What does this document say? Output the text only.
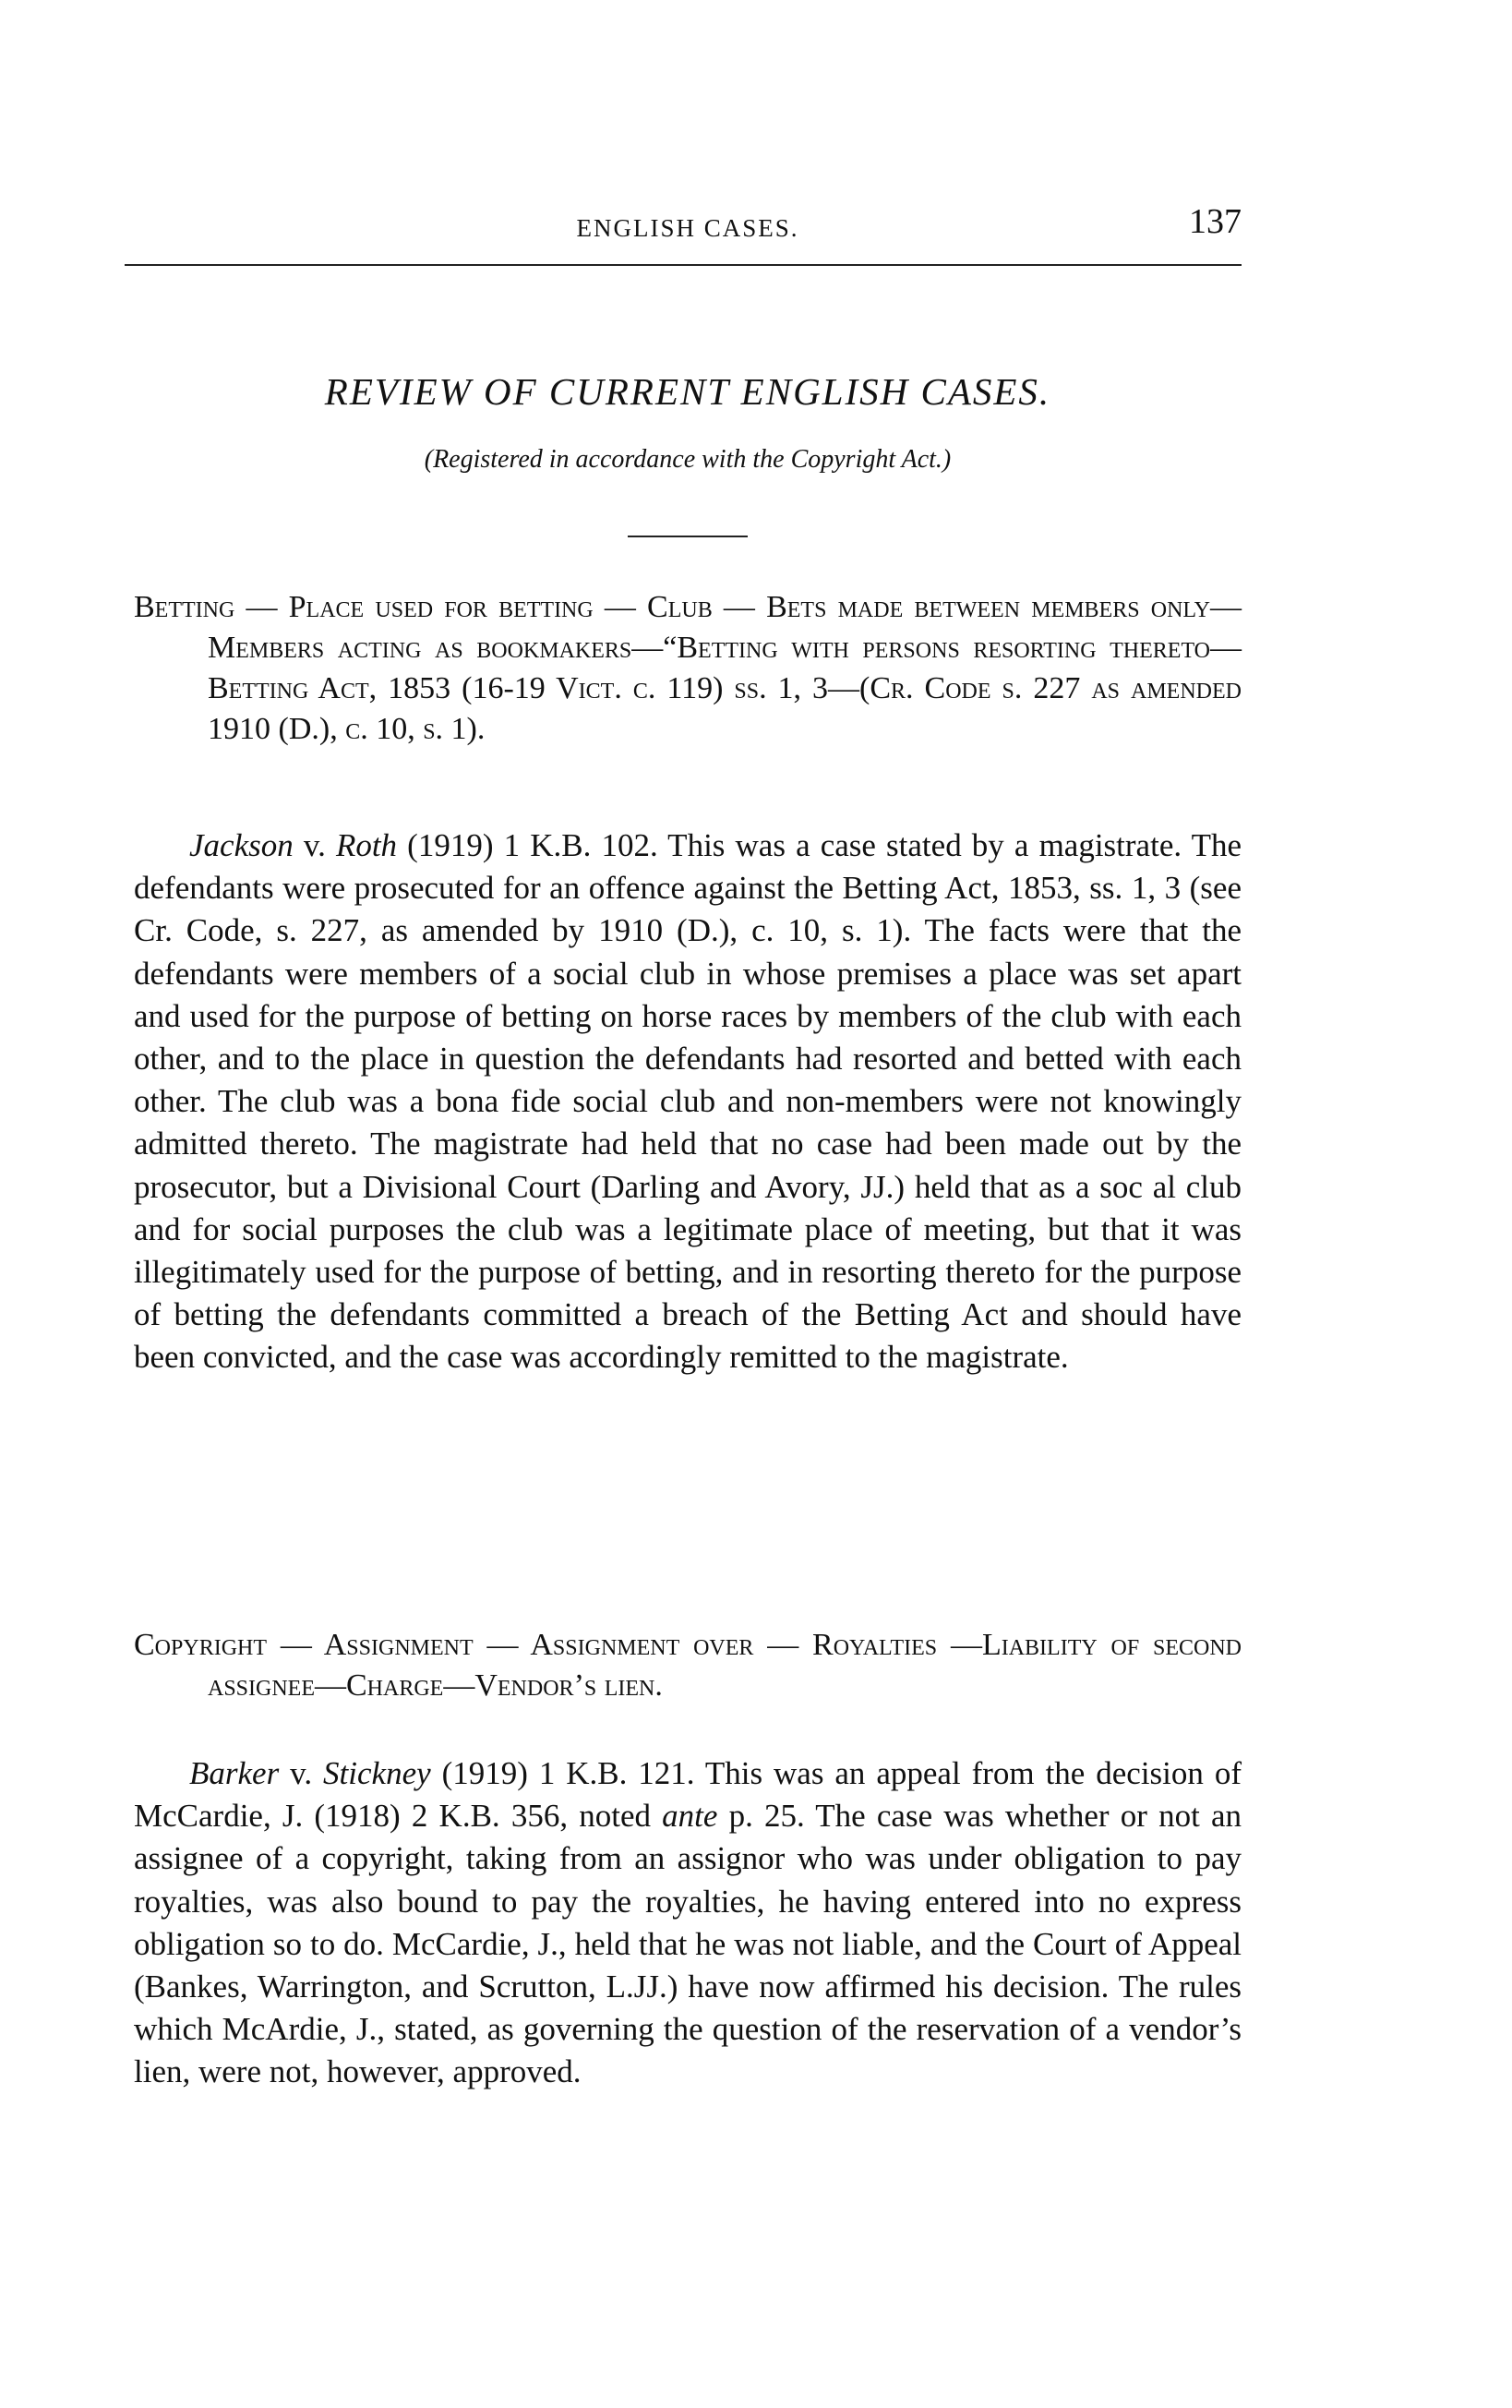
ENGLISH CASES.	137
REVIEW OF CURRENT ENGLISH CASES.
(Registered in accordance with the Copyright Act.)
Betting — Place used for betting — Club — Bets made between members only—Members acting as bookmakers—“Betting with persons resorting thereto— Betting Act, 1853 (16-19 Vict. c. 119) ss. 1, 3—(Cr. Code s. 227 as amended 1910 (D.), c. 10, s. 1).

Jackson v. Roth (1919) 1 K.B. 102. This was a case stated by a magistrate. The defendants were prosecuted for an offence against the Betting Act, 1853, ss. 1, 3 (see Cr. Code, s. 227, as amended by 1910 (D.), c. 10, s. 1). The facts were that the defendants were members of a social club in whose premises a place was set apart and used for the purpose of betting on horse races by members of the club with each other, and to the place in question the defendants had resorted and betted with each other. The club was a bona fide social club and non-members were not knowingly admitted thereto. The magistrate had held that no case had been made out by the prosecutor, but a Divisional Court (Darling and Avory, JJ.) held that as a soc al club and for social purposes the club was a legitimate place of meeting, but that it was illegitimately used for the purpose of betting, and in resorting thereto for the purpose of betting the defendants committed a breach of the Betting Act and should have been convicted, and the case was accordingly remitted to the magistrate.

Copyright — Assignment — Assignment over — Royalties —Liability of second assignee—Charge—Vendor’s lien.

Barker v. Stickney (1919) 1 K.B. 121. This was an appeal from the decision of McCardie, J. (1918) 2 K.B. 356, noted ante p. 25. The case was whether or not an assignee of a copyright, taking from an assignor who was under obligation to pay royalties, was also bound to pay the royalties, he having entered into no express obligation so to do. McCardie, J., held that he was not liable, and the Court of Appeal (Bankes, Warrington, and Scrutton, L.JJ.) have now affirmed his decision. The rules which McArdie, J., stated, as governing the question of the reservation of a vendor’s lien, were not, however, approved.
